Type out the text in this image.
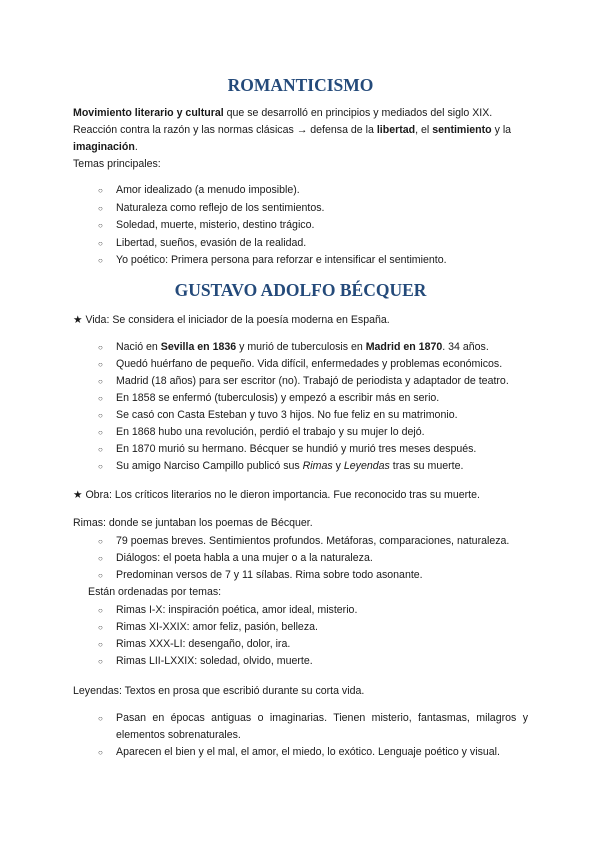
ROMANTICISMO

Movimiento literario y cultural que se desarrolló en principios y mediados del siglo XIX.

Reacción contra la razón y las normas clásicas → defensa de la libertad, el sentimiento y la imaginación.

Temas principales:

○ Amor idealizado (a menudo imposible).
○ Naturaleza como reflejo de los sentimientos.
○ Soledad, muerte, misterio, destino trágico.
○ Libertad, sueños, evasión de la realidad.
○ Yo poético: Primera persona para reforzar e intensificar el sentimiento.
GUSTAVO ADOLFO BÉCQUER

★ Vida: Se considera el iniciador de la poesía moderna en España.

○ Nació en Sevilla en 1836 y murió de tuberculosis en Madrid en 1870. 34 años.
○ Quedó huérfano de pequeño. Vida difícil, enfermedades y problemas económicos.
○ Madrid (18 años) para ser escritor (no). Trabajó de periodista y adaptador de teatro.
○ En 1858 se enfermó (tuberculosis) y empezó a escribir más en serio.
○ Se casó con Casta Esteban y tuvo 3 hijos. No fue feliz en su matrimonio.
○ En 1868 hubo una revolución, perdió el trabajo y su mujer lo dejó.
○ En 1870 murió su hermano. Bécquer se hundió y murió tres meses después.
○ Su amigo Narciso Campillo publicó sus Rimas y Leyendas tras su muerte.

★ Obra: Los críticos literarios no le dieron importancia. Fue reconocido tras su muerte.

Rimas: donde se juntaban los poemas de Bécquer.

○ 79 poemas breves. Sentimientos profundos. Metáforas, comparaciones, naturaleza.
○ Diálogos: el poeta habla a una mujer o a la naturaleza.
○ Predominan versos de 7 y 11 sílabas. Rima sobre todo asonante.

Están ordenadas por temas:

○ Rimas I-X: inspiración poética, amor ideal, misterio.
○ Rimas XI-XXIX: amor feliz, pasión, belleza.
○ Rimas XXX-LI: desengaño, dolor, ira.
○ Rimas LII-LXXIX: soledad, olvido, muerte.

Leyendas: Textos en prosa que escribió durante su corta vida.

○ Pasan en épocas antiguas o imaginarias. Tienen misterio, fantasmas, milagros y elementos sobrenaturales.
○ Aparecen el bien y el mal, el amor, el miedo, lo exótico. Lenguaje poético y visual.
